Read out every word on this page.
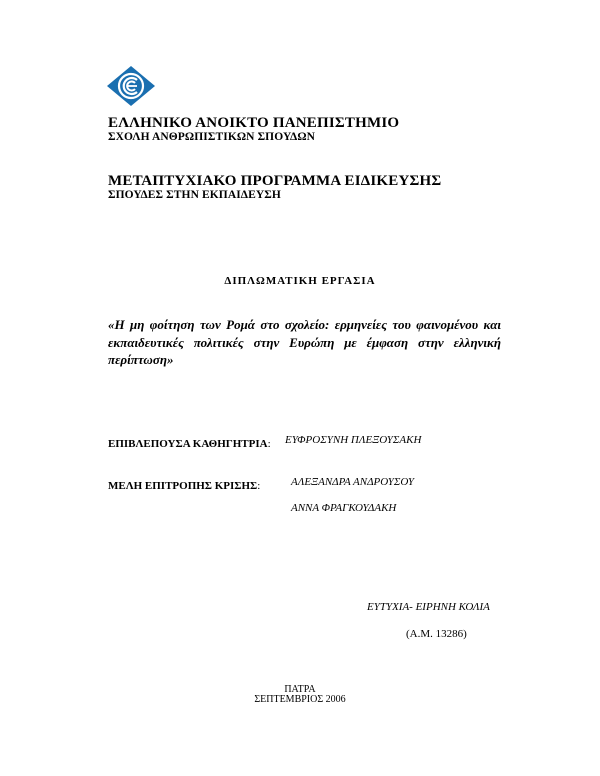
ΕΛΛΗΝΙΚΟ ΑΝΟΙΚΤΟ ΠΑΝΕΠΙΣΤΗΜΙΟ
ΣΧΟΛΗ ΑΝΘΡΩΠΙΣΤΙΚΩΝ ΣΠΟΥΔΩΝ
ΜΕΤΑΠΤΥΧΙΑΚΟ ΠΡΟΓΡΑΜΜΑ ΕΙΔΙΚΕΥΣΗΣ
ΣΠΟΥΔΕΣ ΣΤΗΝ ΕΚΠΑΙΔΕΥΣΗ
ΔΙΠΛΩΜΑΤΙΚΗ ΕΡΓΑΣΙΑ
«Η μη φοίτηση των Ρομά στο σχολείο: ερμηνείες του φαινομένου και εκπαιδευτικές πολιτικές στην Ευρώπη με έμφαση στην ελληνική περίπτωση»
ΕΠΙΒΛΕΠΟΥΣΑ ΚΑΘΗΓΗΤΡΙΑ: ΕΥΦΡΟΣΥΝΗ ΠΛΕΞΟΥΣΑΚΗ
ΜΕΛΗ ΕΠΙΤΡΟΠΗΣ ΚΡΙΣΗΣ:	ΑΛΕΞΑΝΔΡΑ ΑΝΔΡΟΥΣΟΥ
ΑΝΝΑ ΦΡΑΓΚΟΥΔΑΚΗ
ΕΥΤΥΧΙΑ- ΕΙΡΗΝΗ ΚΟΛΙΑ
(Α.Μ. 13286)
ΠΑΤΡΑ
ΣΕΠΤΕΜΒΡΙΟΣ 2006
